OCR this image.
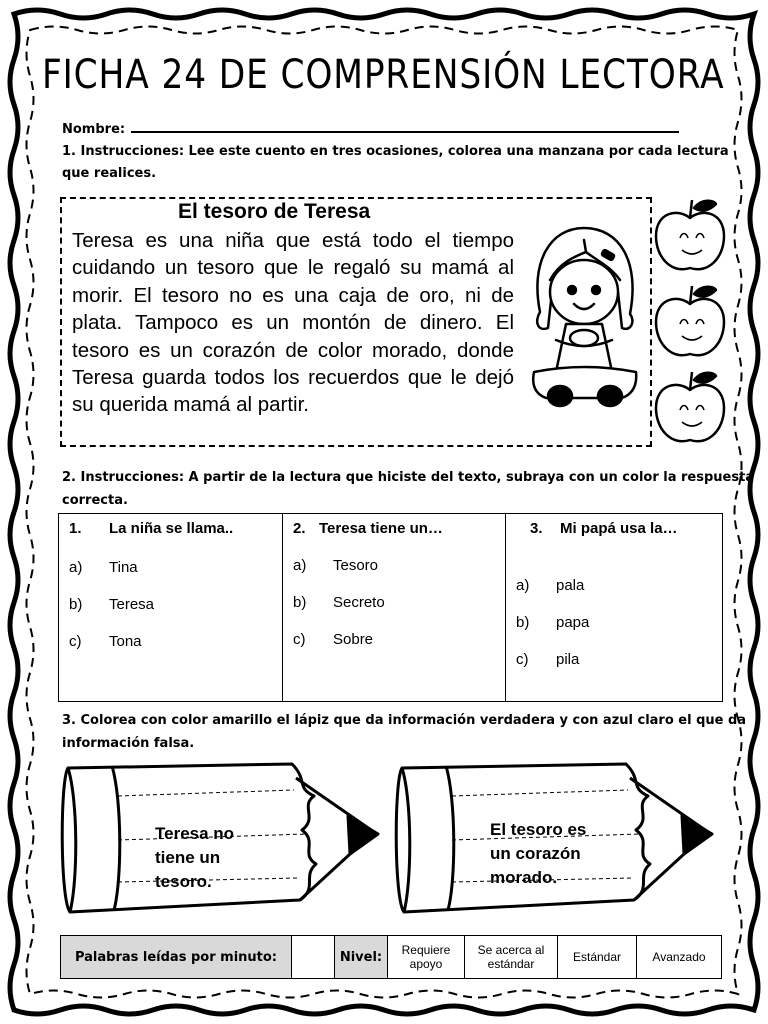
FICHA 24 DE COMPRENSIÓN LECTORA
Nombre:
1. Instrucciones: Lee este cuento en tres ocasiones, colorea una manzana por cada lectura
que realices.
El tesoro de Teresa
Teresa es una niña que está todo el tiempo cuidando un tesoro que le regaló su mamá al morir. El tesoro no es una caja de oro, ni de plata. Tampoco es un montón de dinero. El tesoro es un corazón de color morado, donde Teresa guarda todos los recuerdos que le dejó su querida mamá al partir.
2. Instrucciones: A partir de la lectura que hiciste del texto, subraya con un color la respuesta
correcta.
1.	La niña se llama..
a)	Tina
b)	Teresa
c)	Tona

2. Teresa tiene un…
a)	Tesoro
b)	Secreto
c)	Sobre

3.	Mi papá usa la…
a)	pala
b)	papa
c)	pila
3. Colorea con color amarillo el lápiz que da información verdadera y con azul claro el que da
información falsa.
Teresa no
tiene un
tesoro.
El tesoro es
un corazón
morado.
Palabras leídas por minuto:		Nivel:	Requiere apoyo	Se acerca al estándar	Estándar	Avanzado
